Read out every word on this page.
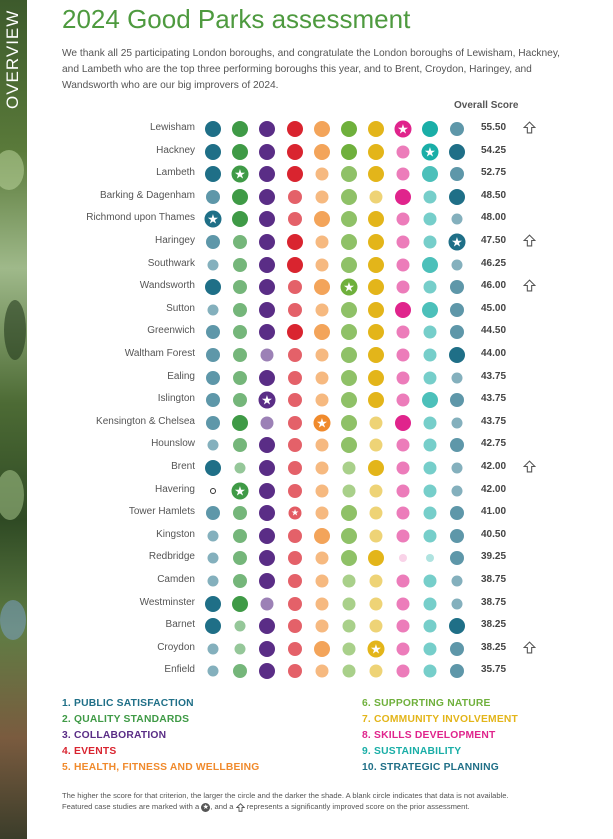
OVERVIEW 2024 Good Parks assessment

We thank all 25 participating London boroughs, and congratulate the London boroughs of Lewisham, Hackney, and Lambeth who are the top three performing boroughs this year, and to Brent, Croydon, Haringey, and Wandsworth who are our big improvers of 2024.

Overall Score
Lewisham	★	55.50
Hackney	★	54.25
Lambeth	★	52.75
Barking & Dagenham	48.50
Richmond upon Thames ★	48.00
Haringey	★ 47.50
Southwark	46.25
Wandsworth	★	46.00
Sutton	45.00
Greenwich	44.50
Waltham Forest	44.00
Ealing	43.75
Islington	★	43.75
Kensington & Chelsea	★	43.75
Hounslow	42.75
Brent	42.00
Havering	★	42.00
Tower Hamlets	★	41.00
Kingston	40.50
Redbridge	39.25
Camden	38.75
Westminster	38.75
Barnet	38.25
Croydon	★	38.25
Enfield	35.75
1. PUBLIC SATISFACTION
2. QUALITY STANDARDS
3. COLLABORATION
4. EVENTS
5. HEALTH, FITNESS AND WELLBEING
6. SUPPORTING NATURE
7. COMMUNITY INVOLVEMENT
8. SKILLS DEVELOPMENT
9. SUSTAINABILITY
10. STRATEGIC PLANNING

The higher the score for that criterion, the larger the circle and the darker the shade. A blank circle indicates that data is not available.
Featured case studies are marked with a ★, and a  represents a significantly improved score on the prior assessment.
